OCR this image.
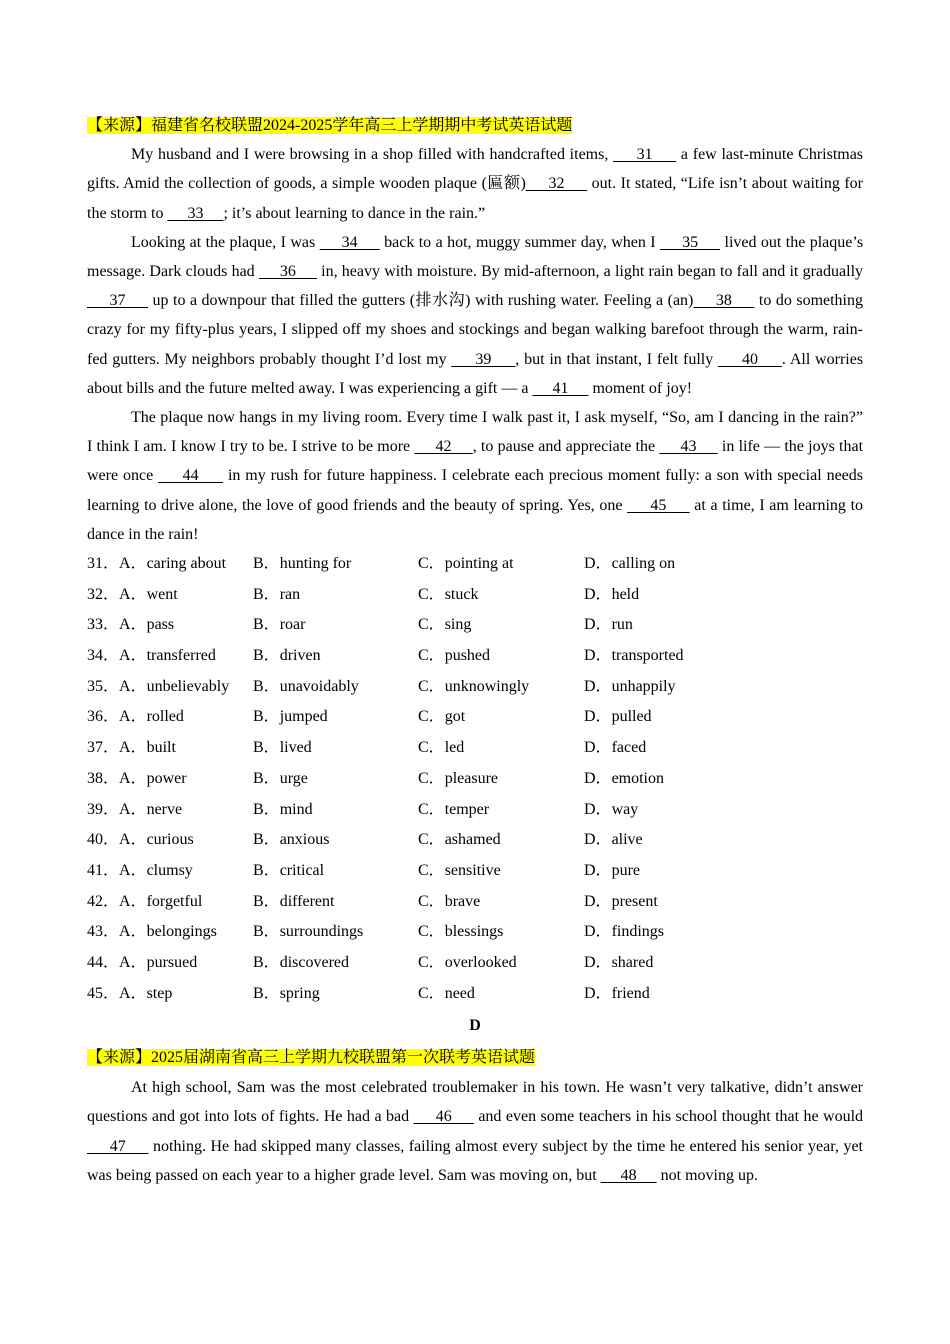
【来源】福建省名校联盟2024-2025学年高三上学期期中考试英语试题

My husband and I were browsing in a shop filled with handcrafted items, 31 ​      a few last-minute Christmas gifts. Amid the collection of goods, a simple wooden plaque (匾额) 32 ​      out. It stated, “Life isn’t about waiting for the storm to 33 ​ ; it’s about learning to dance in the rain.”

Looking at the plaque, I was 34 ​      back to a hot, muggy summer day, when I 35 ​      lived out the plaque’s message. Dark clouds had 36 ​      in, heavy with moisture. By mid-afternoon, a light rain began to fall and it gradually 37 ​      up to a downpour that filled the gutters (排水沟) with rushing water. Feeling a (an) 38 ​      to do something crazy for my fifty-plus years, I slipped off my shoes and stockings and began walking barefoot through the warm, rain-fed gutters. My neighbors probably thought I’d lost my 39 ​ , but in that instant, I felt fully 40 ​ . All worries about bills and the future melted away. I was experiencing a gift — a 41 ​      moment of joy!

The plaque now hangs in my living room. Every time I walk past it, I ask myself, “So, am I dancing in the rain?” I think I am. I know I try to be. I strive to be more 42 ​ , to pause and appreciate the 43 ​      in life — the joys that were once 44 ​      in my rush for future happiness. I celebrate each precious moment fully: a son with special needs learning to drive alone, the love of good friends and the beauty of spring. Yes, one 45 ​      at a time, I am learning to dance in the rain!

31．A．caring about	B．hunting for	C．pointing at	D．calling on
32．A．went	B．ran	C．stuck	D．held
33．A．pass	B．roar	C．sing	D．run
34．A．transferred	B．driven	C．pushed	D．transported
35．A．unbelievably	B．unavoidably	C．unknowingly	D．unhappily
36．A．rolled	B．jumped	C．got	D．pulled
37．A．built	B．lived	C．led	D．faced
38．A．power	B．urge	C．pleasure	D．emotion
39．A．nerve	B．mind	C．temper	D．way
40．A．curious	B．anxious	C．ashamed	D．alive
41．A．clumsy	B．critical	C．sensitive	D．pure
42．A．forgetful	B．different	C．brave	D．present
43．A．belongings	B．surroundings	C．blessings	D．findings
44．A．pursued	B．discovered	C．overlooked	D．shared
45．A．step	B．spring	C．need	D．friend
D
【来源】2025届湖南省高三上学期九校联盟第一次联考英语试题

At high school, Sam was the most celebrated troublemaker in his town. He wasn’t very talkative, didn’t answer questions and got into lots of fights. He had a bad 46 ​      and even some teachers in his school thought that he would 47 ​      nothing. He had skipped many classes, failing almost every subject by the time he entered his senior year, yet was being passed on each year to a higher grade level. Sam was moving on, but 48 ​      not moving up.
